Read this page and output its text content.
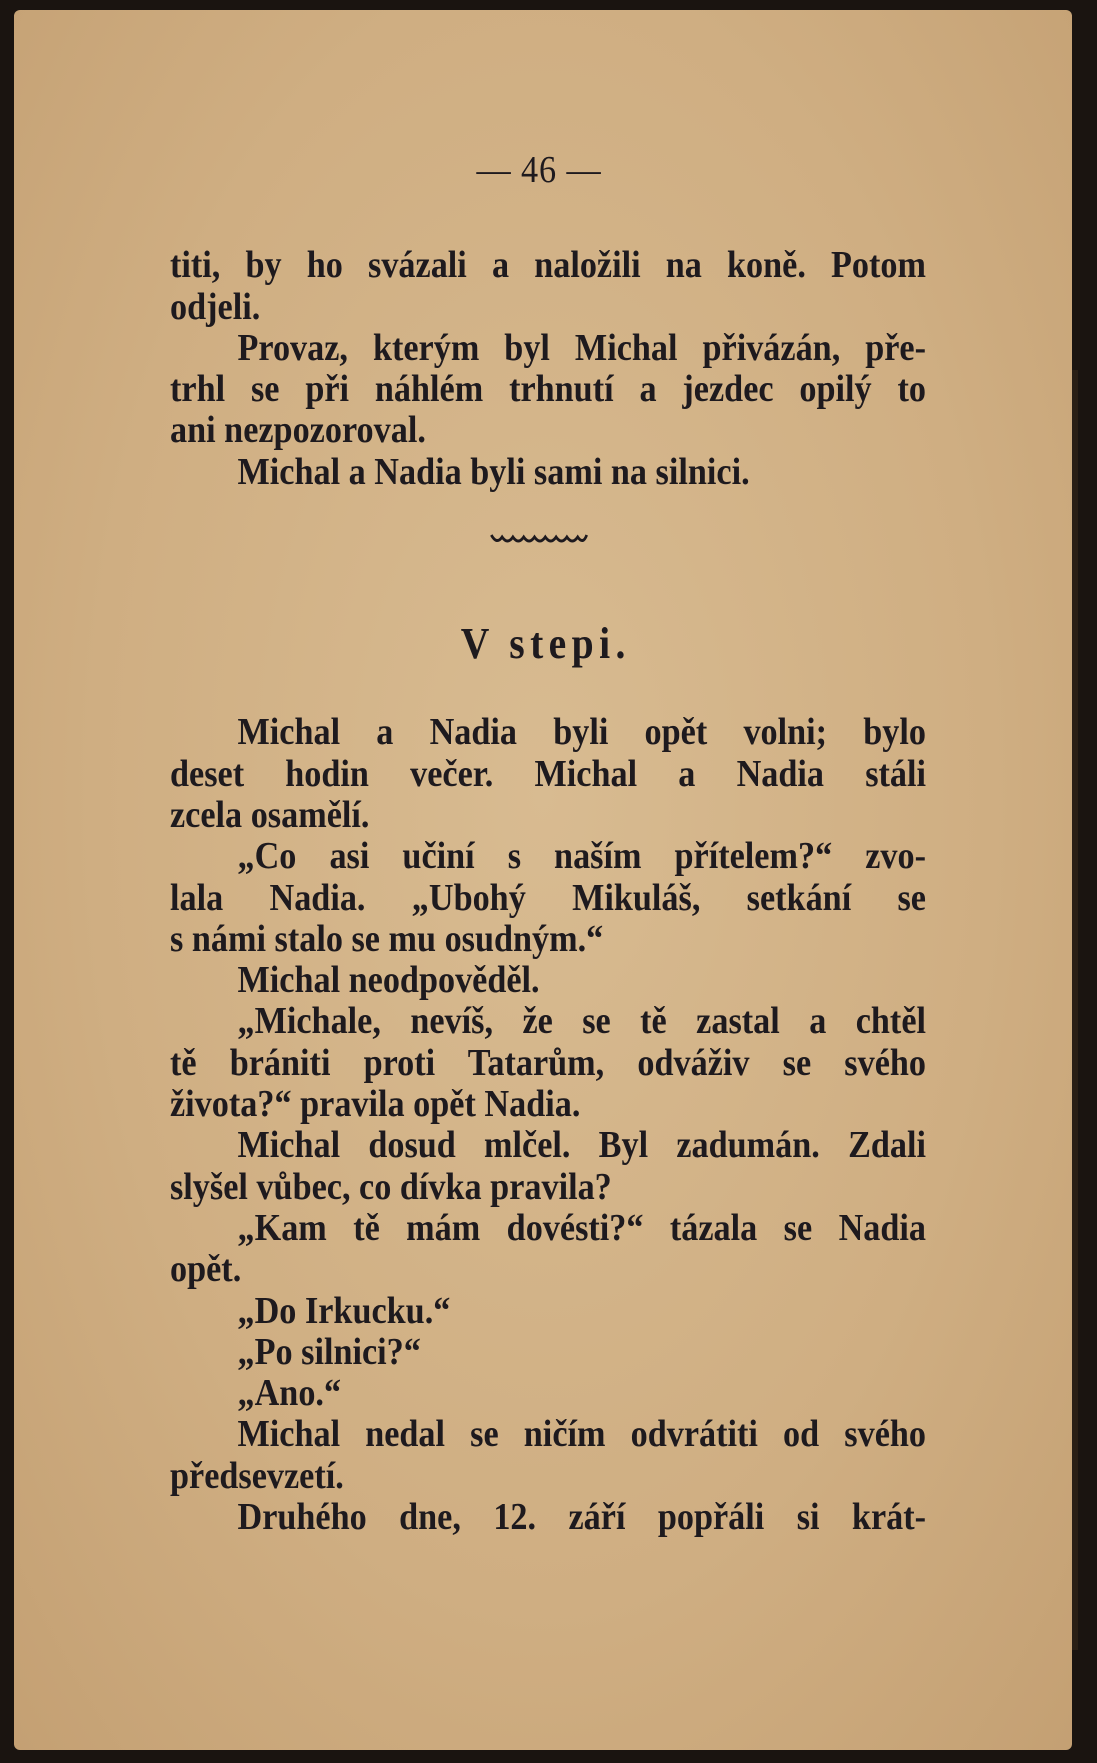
— 46 —
titi, by ho svázali a naložili na koně. Potom
odjeli.
Provaz, kterým byl Michal přivázán, pře-
trhl se při náhlém trhnutí a jezdec opilý to
ani nezpozoroval.
Michal a Nadia byli sami na silnici.
V stepi.
Michal a Nadia byli opět volni; bylo
deset hodin večer. Michal a Nadia stáli
zcela osamělí.
„Co asi učiní s naším přítelem?“ zvo-
lala Nadia. „Ubohý Mikuláš, setkání se
s námi stalo se mu osudným.“
Michal neodpověděl.
„Michale, nevíš, že se tě zastal a chtěl
tě brániti proti Tatarům, odváživ se svého
života?“ pravila opět Nadia.
Michal dosud mlčel. Byl zadumán. Zdali
slyšel vůbec, co dívka pravila?
„Kam tě mám dovésti?“ tázala se Nadia
opět.
„Do Irkucku.“
„Po silnici?“
„Ano.“
Michal nedal se ničím odvrátiti od svého
předsevzetí.
Druhého dne, 12. září popřáli si krát-
